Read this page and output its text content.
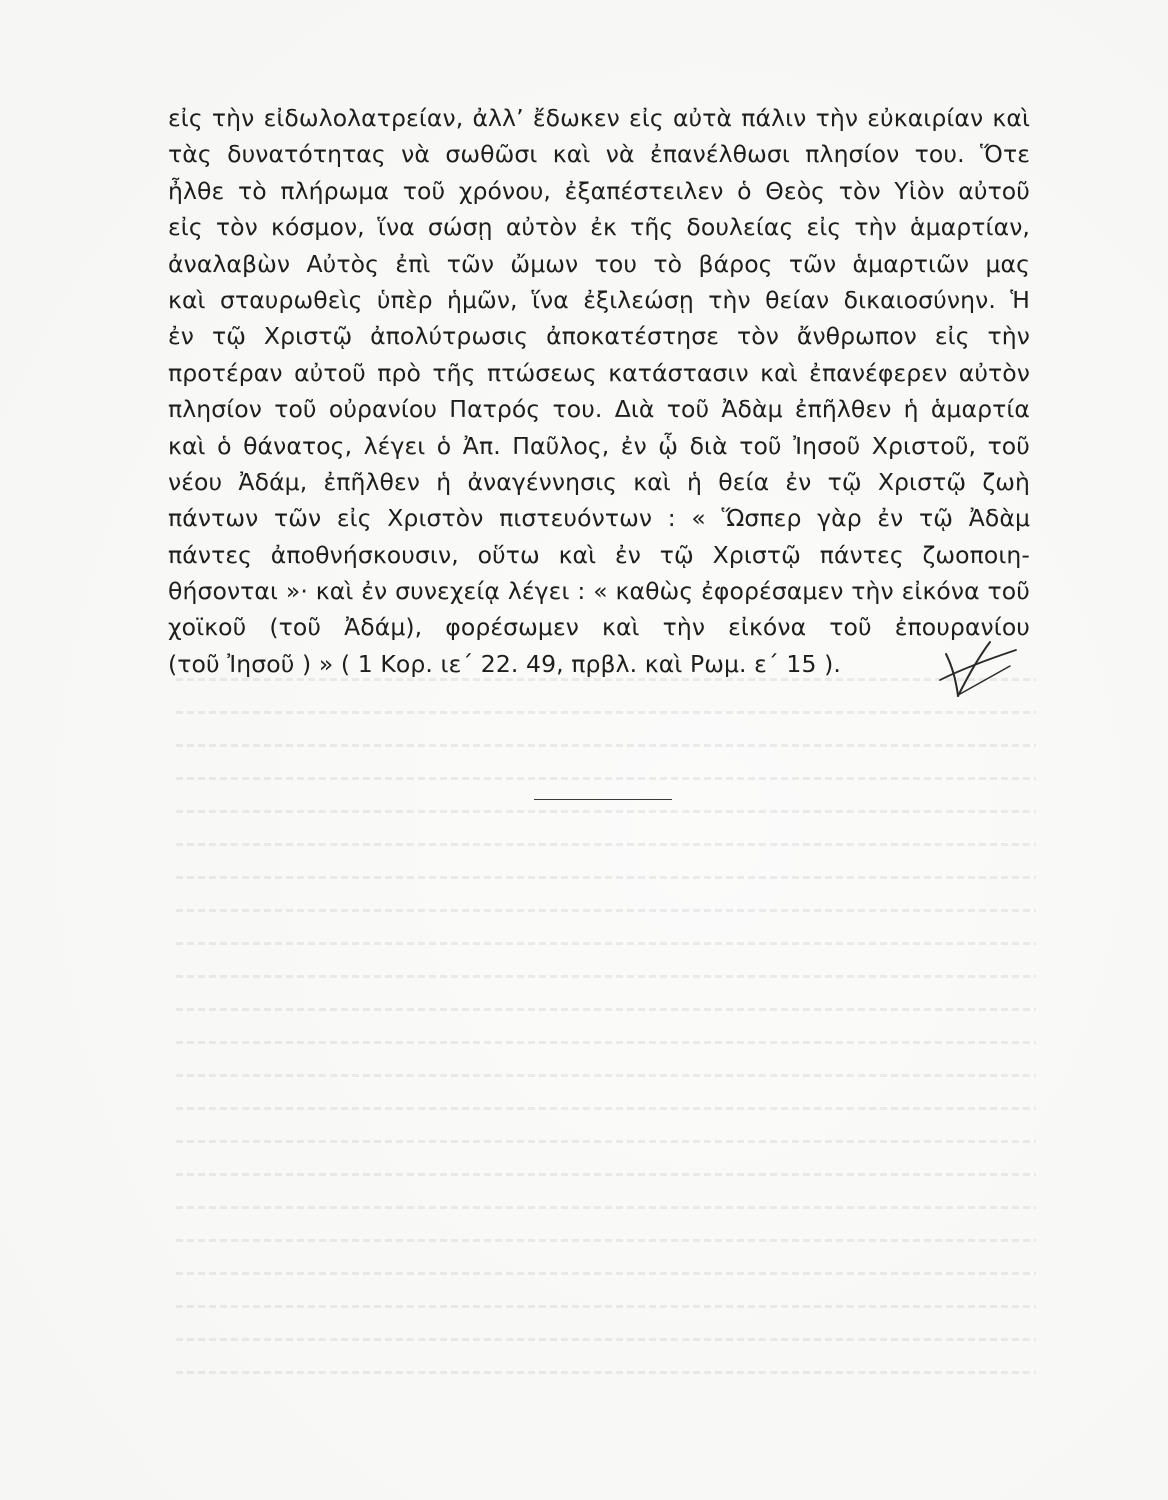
εἰς τὴν εἰδωλολατρείαν, ἀλλ’ ἔδωκεν εἰς αὐτὰ πάλιν τὴν εὐκαιρίαν καὶ
τὰς δυνατότητας νὰ σωθῶσι καὶ νὰ ἐπανέλθωσι πλησίον του. Ὅτε
ἦλθε τὸ πλήρωμα τοῦ χρόνου, ἐξαπέστειλεν ὁ Θεὸς τὸν Υἱὸν αὐτοῦ
εἰς τὸν κόσμον, ἵνα σώσῃ αὐτὸν ἐκ τῆς δουλείας εἰς τὴν ἁμαρτίαν,
ἀναλαβὼν Αὐτὸς ἐπὶ τῶν ὤμων του τὸ βάρος τῶν ἁμαρτιῶν μας
καὶ σταυρωθεὶς ὑπὲρ ἡμῶν, ἵνα ἐξιλεώσῃ τὴν θείαν δικαιοσύνην. Ἡ
ἐν τῷ Χριστῷ ἀπολύτρωσις ἀποκατέστησε τὸν ἄνθρωπον εἰς τὴν
προτέραν αὐτοῦ πρὸ τῆς πτώσεως κατάστασιν καὶ ἐπανέφερεν αὐτὸν
πλησίον τοῦ οὐρανίου Πατρός του. Διὰ τοῦ Ἀδὰμ ἐπῆλθεν ἡ ἁμαρτία
καὶ ὁ θάνατος, λέγει ὁ Ἀπ. Παῦλος, ἐν ᾧ διὰ τοῦ Ἰησοῦ Χριστοῦ, τοῦ
νέου Ἀδάμ, ἐπῆλθεν ἡ ἀναγέννησις καὶ ἡ θεία ἐν τῷ Χριστῷ ζωὴ
πάντων τῶν εἰς Χριστὸν πιστευόντων : « Ὥσπερ γὰρ ἐν τῷ Ἀδὰμ
πάντες ἀποθνήσκουσιν, οὕτω καὶ ἐν τῷ Χριστῷ πάντες ζωοποιη-
θήσονται »· καὶ ἐν συνεχείᾳ λέγει : « καθὼς ἐφορέσαμεν τὴν εἰκόνα τοῦ
χοϊκοῦ (τοῦ Ἀδάμ), φορέσωμεν καὶ τὴν εἰκόνα τοῦ ἐπουρανίου
(τοῦ Ἰησοῦ ) » ( 1 Κορ. ιε΄ 22. 49, πρβλ. καὶ Ρωμ. ε΄ 15 ).
